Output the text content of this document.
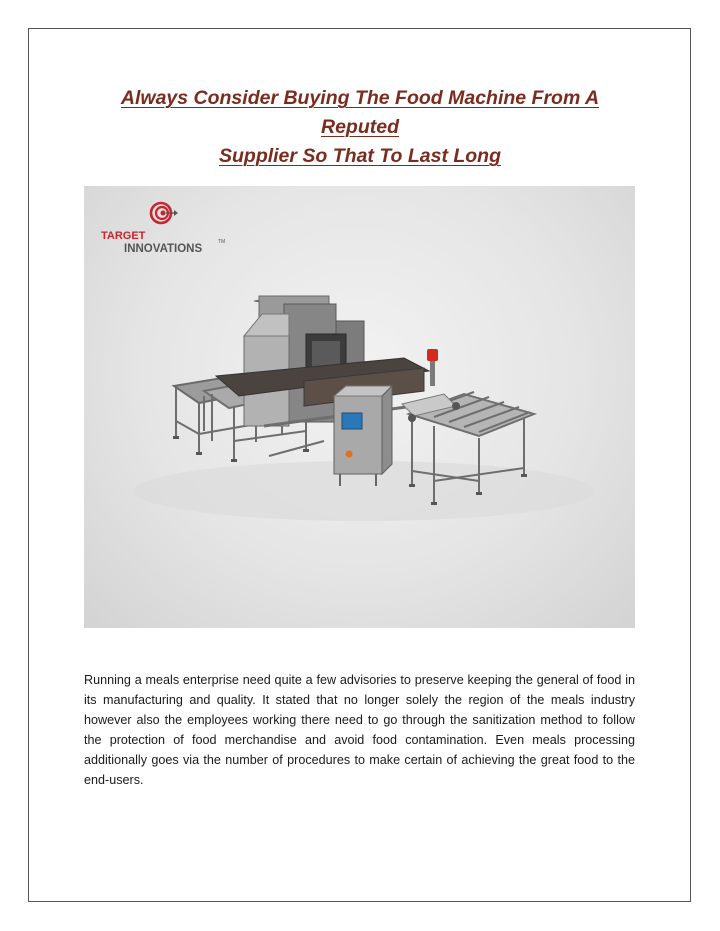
Always Consider Buying The Food Machine From A Reputed
Supplier So That To Last Long
TARGET
INNOVATIONS
TM

Running a meals enterprise need quite a few advisories to preserve keeping the general of food in its manufacturing and quality. It stated that no longer solely the region of the meals industry however also the employees working there need to go through the sanitization method to follow the protection of food merchandise and avoid food contamination. Even meals processing additionally goes via the number of procedures to make certain of achieving the great food to the end-users.
